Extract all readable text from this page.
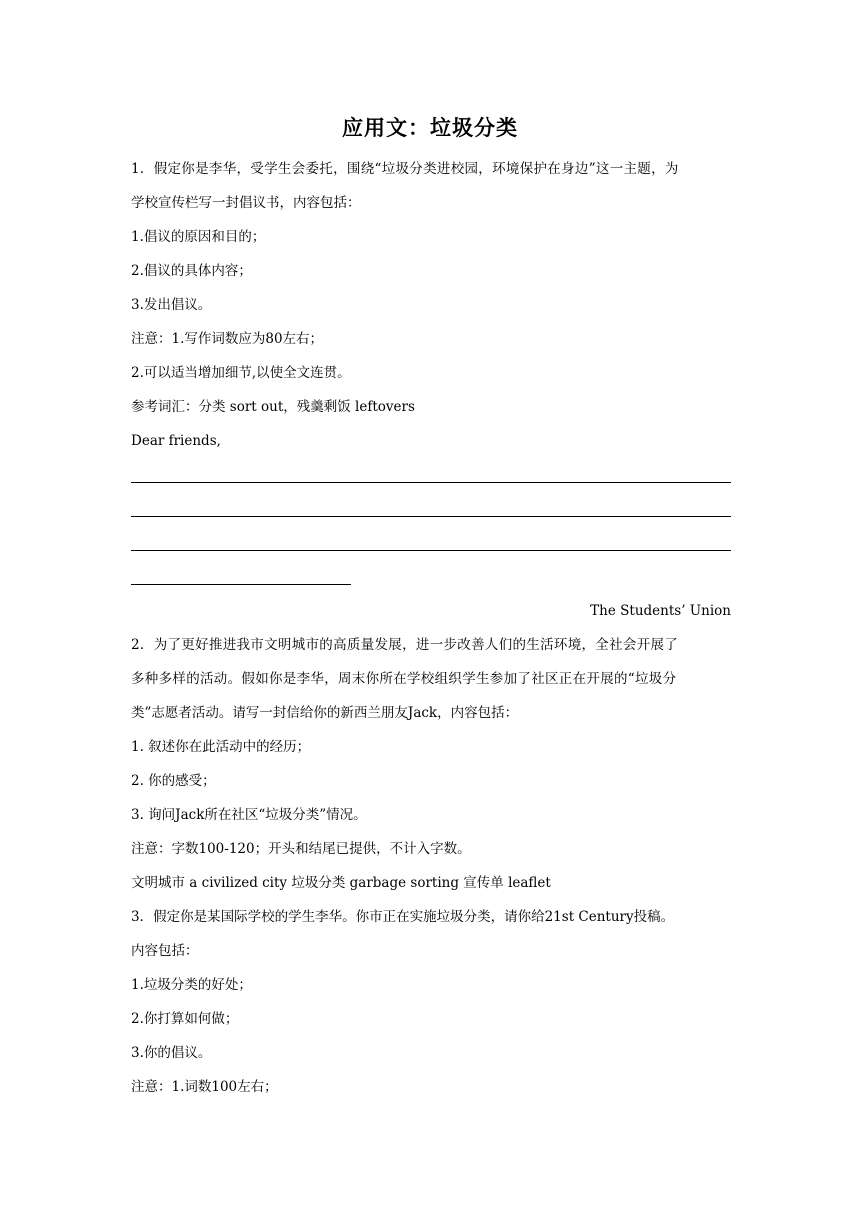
应用文：垃圾分类
1．假定你是李华，受学生会委托，围绕“垃圾分类进校园，环境保护在身边”这一主题，为
学校宣传栏写一封倡议书，内容包括：
1.倡议的原因和目的；
2.倡议的具体内容；
3.发出倡议。
注意：1.写作词数应为80左右；
2.可以适当增加细节,以使全文连贯。
参考词汇：分类 sort out，残羹剩饭 leftovers
Dear friends,
The Students’ Union
2．为了更好推进我市文明城市的高质量发展，进一步改善人们的生活环境，全社会开展了
多种多样的活动。假如你是李华，周末你所在学校组织学生参加了社区正在开展的“垃圾分
类”志愿者活动。请写一封信给你的新西兰朋友Jack，内容包括：
1. 叙述你在此活动中的经历；
2. 你的感受；
3. 询问Jack所在社区“垃圾分类”情况。
注意：字数100-120；开头和结尾已提供，不计入字数。
文明城市 a civilized city 垃圾分类 garbage sorting 宣传单 leaflet
3．假定你是某国际学校的学生李华。你市正在实施垃圾分类，请你给21st Century投稿。
内容包括：
1.垃圾分类的好处；
2.你打算如何做；
3.你的倡议。
注意：1.词数100左右；
